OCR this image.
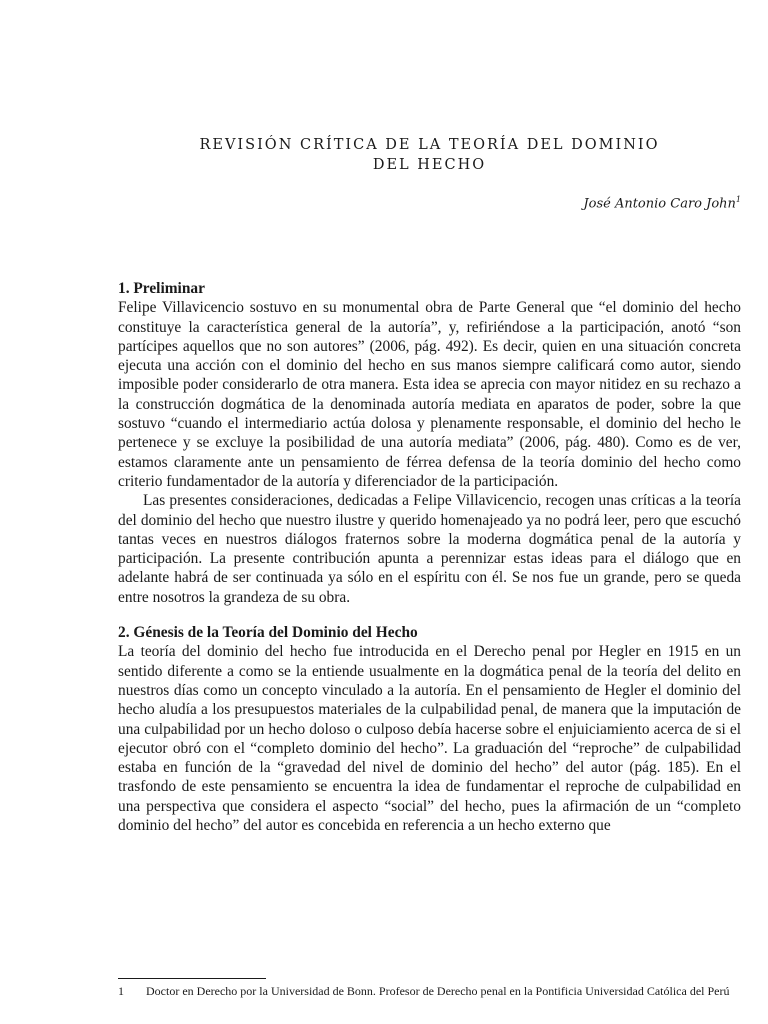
REVISIÓN CRÍTICA DE LA TEORÍA DEL DOMINIO
DEL HECHO
José Antonio Caro John$^1$
1. Preliminar

Felipe Villavicencio sostuvo en su monumental obra de Parte General que “el dominio del hecho constituye la característica general de la autoría”, y, refiriéndose a la participación, anotó “son partícipes aquellos que no son autores” (2006, pág. 492). Es decir, quien en una situación concreta ejecuta una acción con el dominio del hecho en sus manos siempre calificará como autor, siendo imposible poder considerarlo de otra manera. Esta idea se aprecia con mayor nitidez en su rechazo a la construcción dogmática de la denominada autoría mediata en aparatos de poder, sobre la que sostuvo “cuando el intermediario actúa dolosa y plenamente responsable, el dominio del hecho le pertenece y se excluye la posibilidad de una autoría mediata” (2006, pág. 480). Como es de ver, estamos claramente ante un pensamiento de férrea defensa de la teoría dominio del hecho como criterio fundamentador de la autoría y diferenciador de la participación.

Las presentes consideraciones, dedicadas a Felipe Villavicencio, recogen unas críticas a la teoría del dominio del hecho que nuestro ilustre y querido homenajeado ya no podrá leer, pero que escuchó tantas veces en nuestros diálogos fraternos sobre la moderna dogmática penal de la autoría y participación. La presente contribución apunta a perennizar estas ideas para el diálogo que en adelante habrá de ser continuada ya sólo en el espíritu con él. Se nos fue un grande, pero se queda entre nosotros la grandeza de su obra.

2. Génesis de la Teoría del Dominio del Hecho

La teoría del dominio del hecho fue introducida en el Derecho penal por Hegler en 1915 en un sentido diferente a como se la entiende usualmente en la dogmática penal de la teoría del delito en nuestros días como un concepto vinculado a la autoría. En el pensamiento de Hegler el dominio del hecho aludía a los presupuestos materiales de la culpabilidad penal, de manera que la imputación de una culpabilidad por un hecho doloso o culposo debía hacerse sobre el enjuiciamiento acerca de si el ejecutor obró con el “completo dominio del hecho”. La graduación del “reproche” de culpabilidad estaba en función de la “gravedad del nivel de dominio del hecho” del autor (pág. 185). En el trasfondo de este pensamiento se encuentra la idea de fundamentar el reproche de culpabilidad en una perspectiva que considera el aspecto “social” del hecho, pues la afirmación de un “completo dominio del hecho” del autor es concebida en referencia a un hecho externo que

1 Doctor en Derecho por la Universidad de Bonn. Profesor de Derecho penal en la Pontificia Universidad Católica del Perú
